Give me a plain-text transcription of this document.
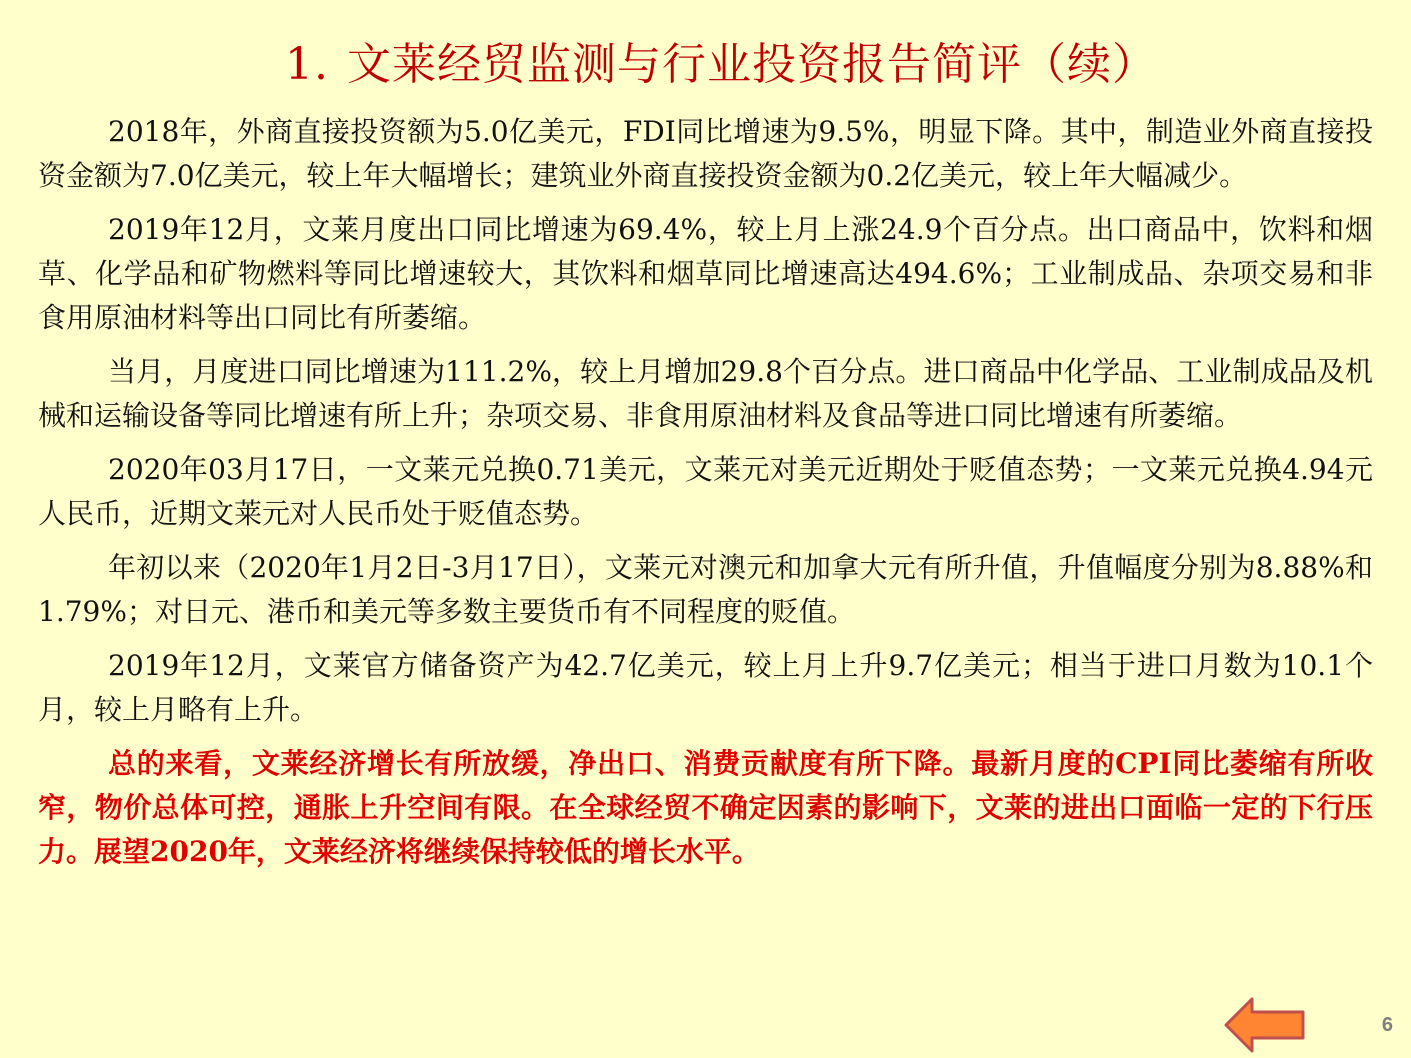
1. 文莱经贸监测与行业投资报告简评（续）

2018年，外商直接投资额为5.0亿美元，FDI同比增速为9.5%，明显下降。其中，制造业外商直接投资金额为7.0亿美元，较上年大幅增长；建筑业外商直接投资金额为0.2亿美元，较上年大幅减少。

2019年12月，文莱月度出口同比增速为69.4%，较上月上涨24.9个百分点。出口商品中，饮料和烟草、化学品和矿物燃料等同比增速较大，其饮料和烟草同比增速高达494.6%；工业制成品、杂项交易和非食用原油材料等出口同比有所萎缩。

当月，月度进口同比增速为111.2%，较上月增加29.8个百分点。进口商品中化学品、工业制成品及机械和运输设备等同比增速有所上升；杂项交易、非食用原油材料及食品等进口同比增速有所萎缩。

2020年03月17日，一文莱元兑换0.71美元，文莱元对美元近期处于贬值态势；一文莱元兑换4.94元人民币，近期文莱元对人民币处于贬值态势。

年初以来（2020年1月2日-3月17日），文莱元对澳元和加拿大元有所升值，升值幅度分别为8.88%和1.79%；对日元、港币和美元等多数主要货币有不同程度的贬值。

2019年12月，文莱官方储备资产为42.7亿美元，较上月上升9.7亿美元；相当于进口月数为10.1个月，较上月略有上升。

总的来看，文莱经济增长有所放缓，净出口、消费贡献度有所下降。最新月度的CPI同比萎缩有所收窄，物价总体可控，通胀上升空间有限。在全球经贸不确定因素的影响下，文莱的进出口面临一定的下行压力。展望2020年，文莱经济将继续保持较低的增长水平。

6
